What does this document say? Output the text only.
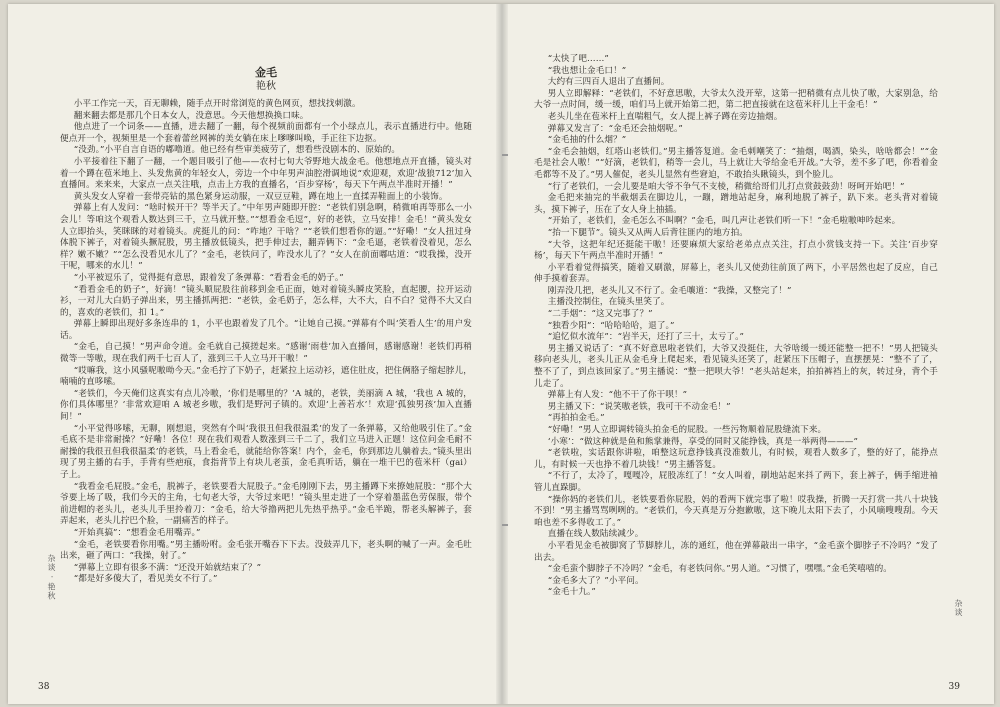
金毛

艳秋

小平工作完一天，百无聊赖，随手点开时常浏览的黄色网页，想找找刺激。

翻来翻去都是那几个日本女人，没意思。今天他想换换口味。

他点进了一个词条——直播，进去翻了一翻，每个视频前面都有一个小绿点儿，表示直播进行中。他随便点开一个，视频里是一个套着蕾丝网裤的美女躺在床上嗲嗲叫唤，手正往下边抠。

“没劲。”小平自言自语的嘟噜道。他已经有些审美疲劳了，想看些没剧本的、原始的。

小平接着往下翻了一翻，一个题目吸引了他——农村七旬大爷野地大战金毛。他想地点开直播，镜头对着一个蹲在苞米地上、头发焦黄的年轻女人，旁边一个中年男声油腔滑调地说“欢迎观，欢迎‘战狼712’加入直播间。来来来，大家点一点关注哦，点击上方我的直播名，‘百步穿杨’，每天下午两点半准时开播！”

黄头发女人穿着一套带亮钻的黑色紧身运动服，一双豆豆鞋，蹲在地上一直揉弄鞋面上的小装饰。

弹幕上有人发问：“啥时候开干？等半天了。”中年男声随即开腔：“老铁们别急啊，稍微咱再等那么一小会儿！等咱这个观看人数达到三千，立马就开整。”“想看金毛逗”，好的老铁，立马安排！金毛！”黄头发女人立即抬头，笑眯眯的对着镜头。虎挺儿的问：“咋地？干啥？”“老铁们想看你的逼。”“好嘞！”女人扭过身体脱下裤子，对着镜头撅屁股，男主播放低镜头，把手伸过去，翻弄俩下：“金毛逼，老铁着没着见，怎么样？嫩不嫩？”“怎么没看见水儿了？”金毛，老铁问了，咋没水儿了？”女人在前面嘟咕道：“哎我操，没开干呢，哪来的水儿！”

“小平被逗乐了，觉得挺有意思，跟着发了条弹幕：“看看金毛的奶子。”

“看看金毛的奶子”，好滴！”镜头顺屁股往前移到金毛正面，她对着镜头瞬皮笑脸，直起腰，拉开运动衫，一对儿大白奶子弹出来，男主播抓两把：“老铁，金毛奶子，怎么样，大不大，白不白？觉得不大又白的，喜欢的老铁们，扣 1。”

弹幕上瞬即出现好多条连串的 1，小平也跟着发了几个。“让她自己摸。”弹幕有个叫‘笑看人生’的用户发话。

“金毛，自己摸！”男声命令道。金毛就自己摸搓起来。“感谢‘雨巷’加入直播间，感谢感谢！老铁们再稍微等一等嗷，现在我们两千七百人了，涨到三千人立马开干嗷！”

“哎嘛我，这小风骚呢嗷呦今天。”金毛拧了下奶子，赶紧拉上运动衫，遮住肚皮，把住俩胳子缩起脖儿，喃喃的直哆嗦。

“老铁们，今天俺们这真实有点儿冷嗷，‘你们是哪里的？’A 城的，老铁，美丽滴 A 城，‘我也 A 城的，你们具体哪里？’非常欢迎咱 A 城老乡嗷，我们是野河子镇的。欢迎‘上善若水’！欢迎‘孤独男孩’加入直播间！”

“小平觉得哆嗦，无聊，刚想退，突然有个叫‘我很丑但我很温柔’的发了一条弹幕，又给他吸引住了。”金毛底不是非常耐操？”好嘞！各位！现在我们观看人数涨到三千二了，我们立马进入正题！这位问金毛耐不耐操的我很丑但我很温柔’的老铁，马上看金毛，就能给你答案！内个，金毛，你到那边儿躺着去。”镜头里出现了男主播的右手，手背有些疤痕，食指背节上有块儿老茧，金毛真听话，躺在一堆干巴的苞米杆（gai）子上。

“我看金毛屁股。”金毛，脱裤子，老铁要看大屁股子。”金毛刚刚下去，男主播蹲下来撩她屁股：“那个大爷要上场了吸，我们今天的主角，七旬老大爷，大爷过来吧！”镜头里走进了一个穿着墨蓝色劳保服，带个前进帽的老头儿，老头儿手里拎着刀：“金毛，给大爷撸两把儿先热乎热乎。”金毛半跪，帮老头解裤子，套弄起来，老头儿拧巴个脸，一副痛苦的样子。

“开始真搞”：“想看金毛用嘴弄。”

“金毛，老铁要看你用嘴。”男主播吩咐。金毛张开嘴吞下下去。没鼓弄几下，老头啊的喊了一声。金毛吐出来，砸了两口：“我操，射了。”

“弹幕上立即有很多不满：“还没开始就结束了？”

“都是好多傻大了，看见美女不行了。”

杂谈 · 艳秋
38

“太快了吧……”

“我也想让金毛口！”

大约有三四百人退出了直播间。

男人立即解释：“老铁们，不好意思嗷，大爷太久没开荤，这第一把稍微有点儿快了嗷，大家别急，给大爷一点时间，缓一缓，咱们马上就开始第二把，第二把直接就在这苞米秆儿上干金毛！”

老头儿坐在苞米杆上直喘粗气，女人提上裤子蹲在旁边抽烟。

弹幕又发言了：“金毛还会抽烟呢。”

“金毛抽的什么烟？”

“金毛会抽烟，红塔山老铁们。”男主播答复道。金毛刺嘲笑了：“抽烟，喝酒，染头，啥啥都会！”“金毛是社会人嗷！”“好滴，老铁们，稍等一会儿，马上就让大爷给金毛开战。”大爷，差不多了吧，你看着金毛都等不及了。”男人催促，老头儿显然有些窘迫，不敢抬头瞅镜头，到个脸儿。

“行了老铁们，一会儿要是咱大爷不争气不支棱，稍微给哥们儿打点赏鼓鼓劲！呀呵开始吧！”

金毛把来抽完的半截烟丢在脚边儿，一蹦，蹭地站起身，麻利地脱了裤子，趴下来。老头背对着镜头，摸下裤子，压在了女人身上抽插。

“开始了，老铁们，金毛怎么不叫啊？”金毛，叫几声让老铁们听一下！”金毛啦嗷呻吟起来。

“抬一下腿节”。镜头又从两人后背往匪内的地方拍。

“大爷，这把年纪还挺能干嗷！还要麻烦大家给老弟点点关注，打点小赏钱支持一下。关注‘百步穿杨’，每天下午两点半准时开播！”

小平看着觉得搞笑，随着又刷激，屏幕上，老头儿又使劲往前顶了两下，小平居然也起了反应，自己伸手摸着套弄。

刚弄没几把，老头儿又不行了。金毛嚷道：“我操，又整完了！”

主播没控制住，在镜头里笑了。

“二手烟”：“这又完事了？”

“独看少阳”：“哈哈哈哈，退了。”

“追忆似水流年”：“岩半天，还打了三十，太亏了。”

男主播又说话了：“真不好意思啦老铁们，大爷又没挺住，大爷啥缓一缓还能整一把不！”男人把镜头移向老头儿，老头儿正从金毛身上爬起来，看见镜头还笑了，赶紧压下压帽子，直摆摆晃：“整不了了，整不了了，到点该回家了。”男主播说：“整一把呗大爷！”老头站起来，拍拍裤裆上的灰，转过身，背个手儿走了。

弹幕上有人发：“他不干了你干呗！”

男主播又下：“说笑嗷老铁，我可干不动金毛！”

“再拍拍金毛。”

“好嘞！”男人立即调转镜头拍金毛的屁股。一些污物顺着屁股缝流下来。

‘小寒’：“做这种就是鱼和熊掌兼得，享受的同时又能挣钱，真是一举两得———”

“老铁啦，实话跟你讲啦，咱整这玩意挣钱真没准数儿，有时候，观看人数多了，整的好了，能挣点儿，有时候一天也挣不着几块钱！”男主播答复。

“不行了，太冷了，嘎嘎冷，屁股冻红了！”女人叫着，刷地站起来抖了两下，套上裤子，俩手缩进袖管儿直跺脚。

“操你妈的老铁们儿，老铁要看你屁股，妈的看两下就完事了啦！哎我操，折腾一天打赏一共八十块钱不到！”男主播骂骂咧咧的。“老铁们，今天真是万分抱歉嗷，这下晚儿太阳下去了，小风嘀嗖嗖刮。今天咱也差不多得收工了。”

直播在线人数陆续减少。

小平看见金毛被脚窝了节脚脖儿，冻的通红，他在弹幕敲出一串字，“金毛蛮个脚脖子不冷吗？”发了出去。

“金毛蛮个脚脖子不冷吗？”金毛，有老铁问你。”男人道。“习惯了，嘿嘿。”金毛笑嘻嘻的。

“金毛多大了？”小平问。

“金毛十九。”

杂谈
39
